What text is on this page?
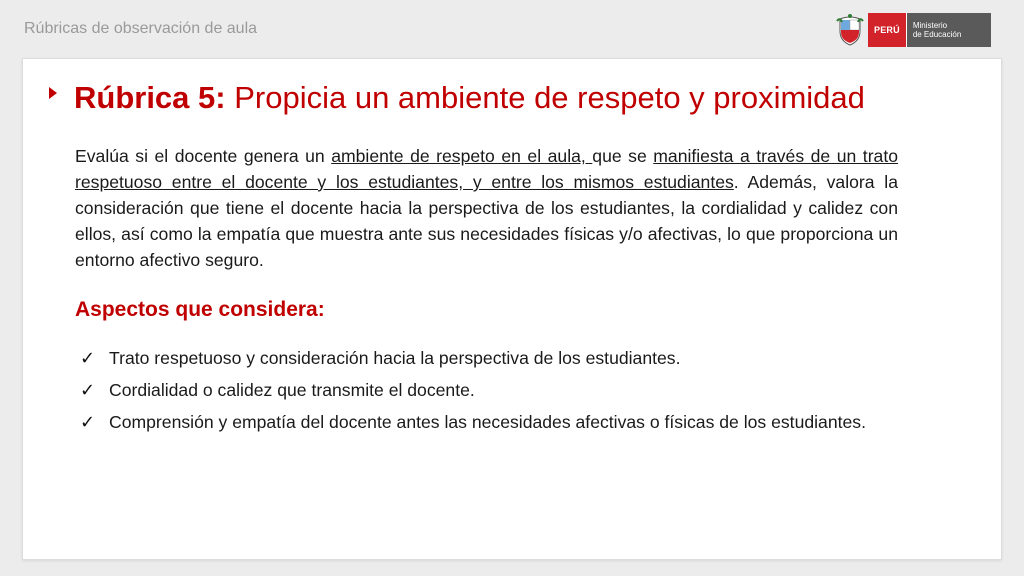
Rúbricas de observación de aula	PERÚ	Ministerio
de Educación
Rúbrica 5: Propicia un ambiente de respeto y proximidad

Evalúa si el docente genera un ambiente de respeto en el aula, que se manifiesta a través de un trato respetuoso entre el docente y los estudiantes, y entre los mismos estudiantes. Además, valora la consideración que tiene el docente hacia la perspectiva de los estudiantes, la cordialidad y calidez con ellos, así como la empatía que muestra ante sus necesidades físicas y/o afectivas, lo que proporciona un entorno afectivo seguro.

Aspectos que considera:
✓ Trato respetuoso y consideración hacia la perspectiva de los estudiantes.
✓ Cordialidad o calidez que transmite el docente.
✓ Comprensión y empatía del docente antes las necesidades afectivas o físicas de los estudiantes.
